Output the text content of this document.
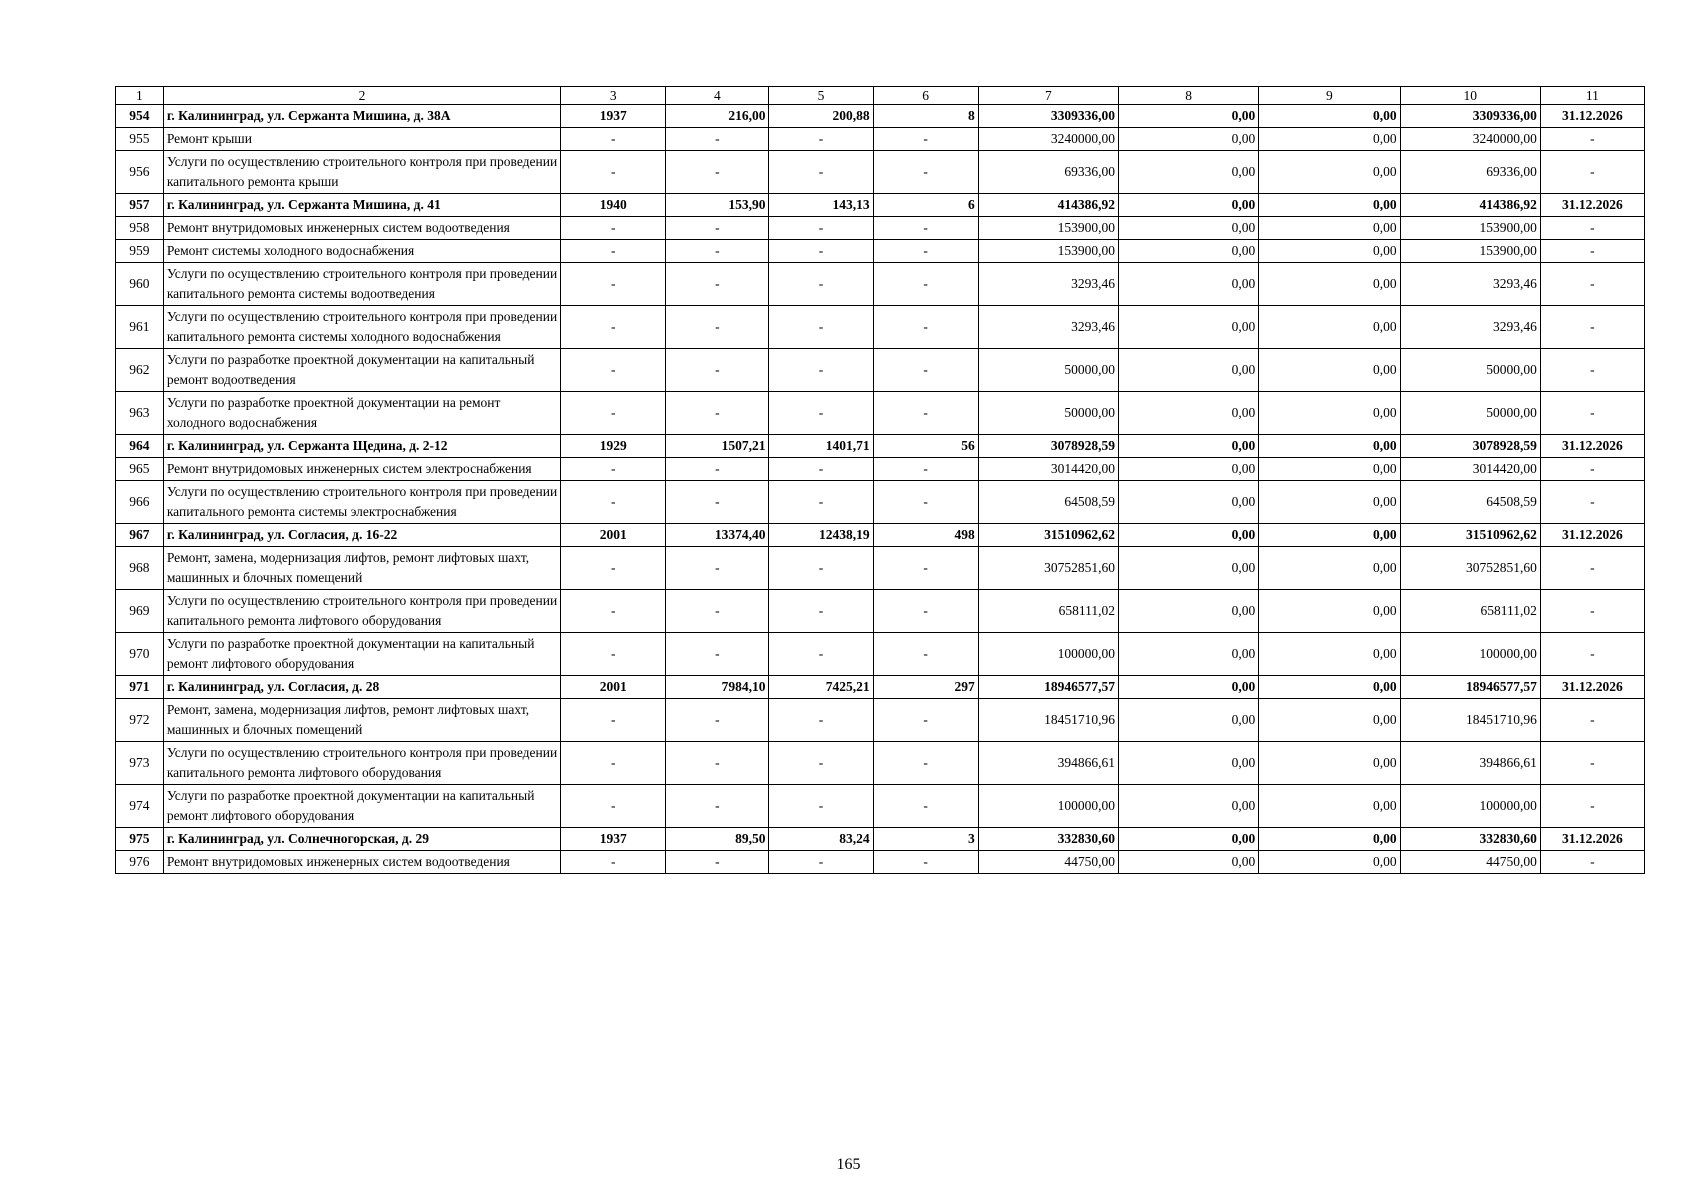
1	2	3	4	5	6	7	8	9	10	11
954	г. Калининград, ул. Сержанта Мишина, д. 38А	1937	216,00	200,88	8	3309336,00	0,00	0,00	3309336,00	31.12.2026
955	Ремонт крыши	-	-	-	-	3240000,00	0,00	0,00	3240000,00	-
956	Услуги по осуществлению строительного контроля при проведении капитального ремонта крыши	-	-	-	-	69336,00	0,00	0,00	69336,00	-
957	г. Калининград, ул. Сержанта Мишина, д. 41	1940	153,90	143,13	6	414386,92	0,00	0,00	414386,92	31.12.2026
958	Ремонт внутридомовых инженерных систем водоотведения	-	-	-	-	153900,00	0,00	0,00	153900,00	-
959	Ремонт системы холодного водоснабжения	-	-	-	-	153900,00	0,00	0,00	153900,00	-
960	Услуги по осуществлению строительного контроля при проведении капитального ремонта системы водоотведения	-	-	-	-	3293,46	0,00	0,00	3293,46	-
961	Услуги по осуществлению строительного контроля при проведении капитального ремонта системы холодного водоснабжения	-	-	-	-	3293,46	0,00	0,00	3293,46	-
962	Услуги по разработке проектной документации на капитальный ремонт водоотведения	-	-	-	-	50000,00	0,00	0,00	50000,00	-
963	Услуги по разработке проектной документации на ремонт холодного водоснабжения	-	-	-	-	50000,00	0,00	0,00	50000,00	-
964	г. Калининград, ул. Сержанта Щедина, д. 2-12	1929	1507,21	1401,71	56	3078928,59	0,00	0,00	3078928,59	31.12.2026
965	Ремонт внутридомовых инженерных систем электроснабжения	-	-	-	-	3014420,00	0,00	0,00	3014420,00	-
966	Услуги по осуществлению строительного контроля при проведении капитального ремонта системы электроснабжения	-	-	-	-	64508,59	0,00	0,00	64508,59	-
967	г. Калининград, ул. Согласия, д. 16-22	2001	13374,40	12438,19	498	31510962,62	0,00	0,00	31510962,62	31.12.2026
968	Ремонт, замена, модернизация лифтов, ремонт лифтовых шахт, машинных и блочных помещений	-	-	-	-	30752851,60	0,00	0,00	30752851,60	-
969	Услуги по осуществлению строительного контроля при проведении капитального ремонта лифтового оборудования	-	-	-	-	658111,02	0,00	0,00	658111,02	-
970	Услуги по разработке проектной документации на капитальный ремонт лифтового оборудования	-	-	-	-	100000,00	0,00	0,00	100000,00	-
971	г. Калининград, ул. Согласия, д. 28	2001	7984,10	7425,21	297	18946577,57	0,00	0,00	18946577,57	31.12.2026
972	Ремонт, замена, модернизация лифтов, ремонт лифтовых шахт, машинных и блочных помещений	-	-	-	-	18451710,96	0,00	0,00	18451710,96	-
973	Услуги по осуществлению строительного контроля при проведении капитального ремонта лифтового оборудования	-	-	-	-	394866,61	0,00	0,00	394866,61	-
974	Услуги по разработке проектной документации на капитальный ремонт лифтового оборудования	-	-	-	-	100000,00	0,00	0,00	100000,00	-
975	г. Калининград, ул. Солнечногорская, д. 29	1937	89,50	83,24	3	332830,60	0,00	0,00	332830,60	31.12.2026
976	Ремонт внутридомовых инженерных систем водоотведения	-	-	-	-	44750,00	0,00	0,00	44750,00	-
165
